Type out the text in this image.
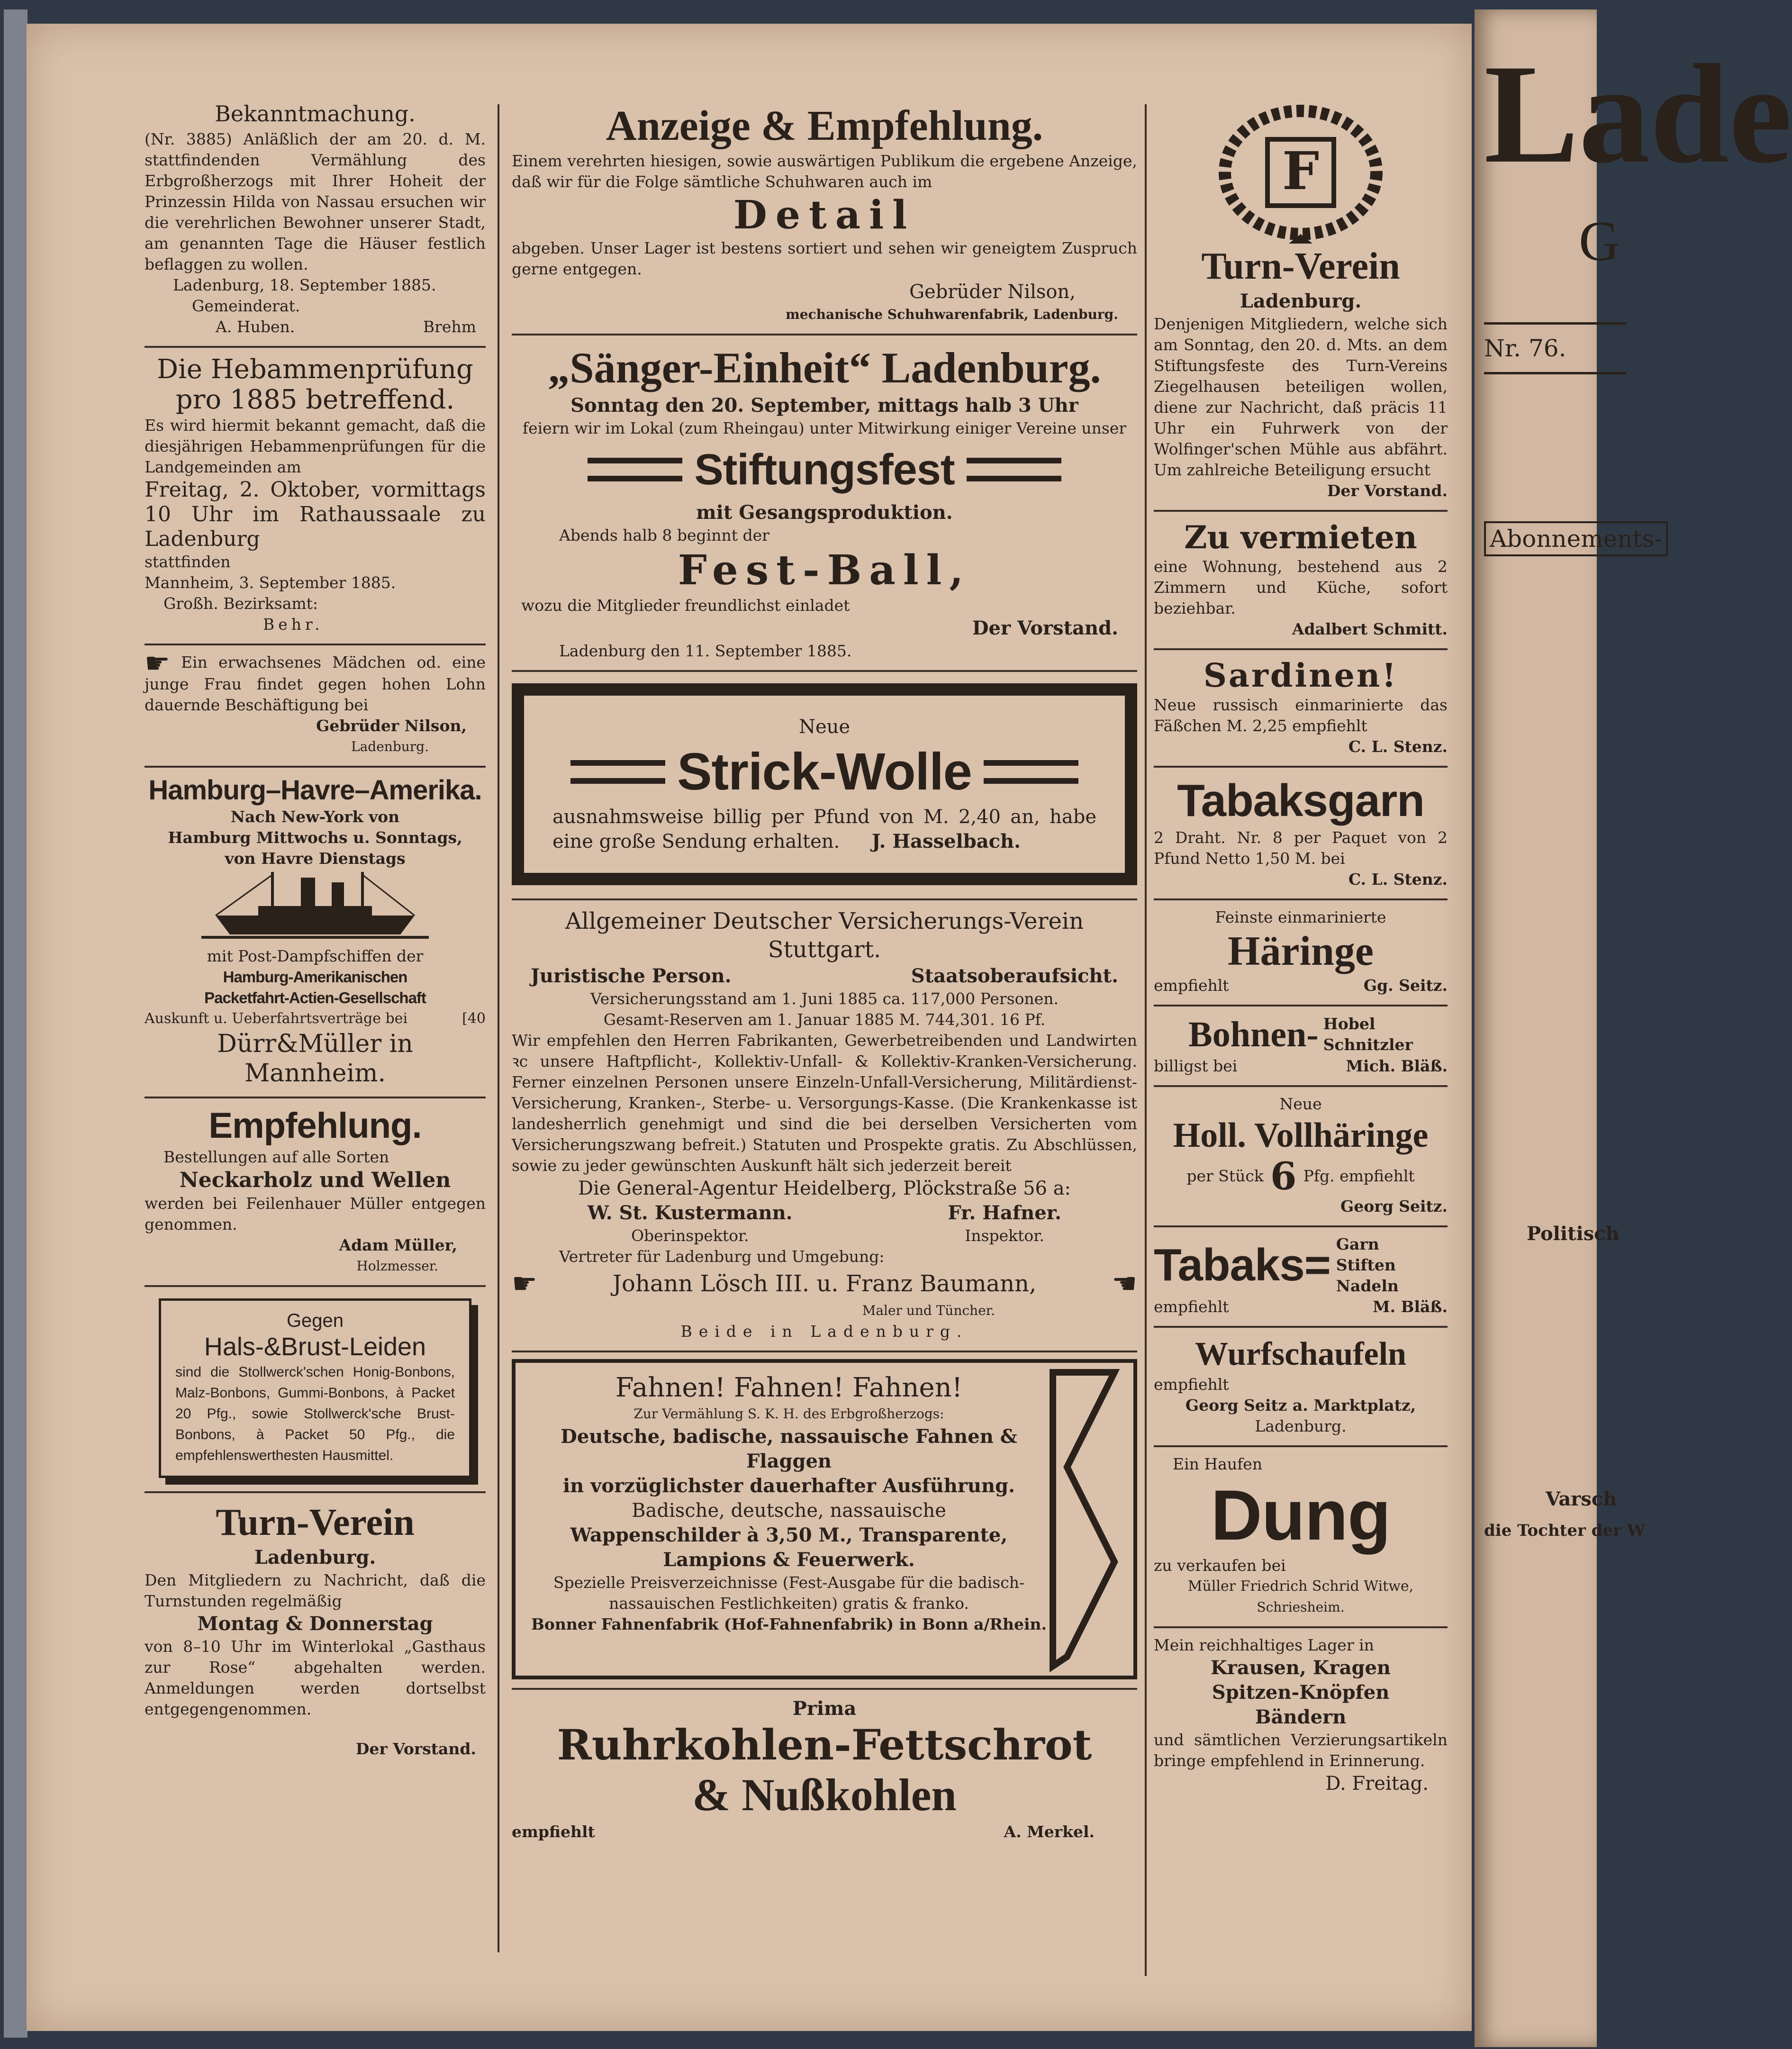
Bekanntmachung.
(Nr. 3885) Anläßlich der am 20. d. M. stattfindenden Vermählung des Erbgroßherzogs mit Ihrer Hoheit der Prinzessin Hilda von Nassau ersuchen wir die verehrlichen Bewohner unserer Stadt, am genannten Tage die Häuser festlich beflaggen zu wollen.
Ladenburg, 18. September 1885.
Gemeinderat.
A. Huben.	Brehm
Die Hebammenprüfung
pro 1885 betreffend.
Es wird hiermit bekannt gemacht, daß die diesjährigen Hebammenprüfungen für die Landgemeinden am
Freitag, 2. Oktober, vormittags 10 Uhr im Rathaussaale zu Ladenburg
stattfinden
Mannheim, 3. September 1885.
Großh. Bezirksamt:
Behr.
☛ Ein erwachsenes Mädchen od. eine junge Frau findet gegen hohen Lohn dauernde Beschäftigung bei
Gebrüder Nilson,
Ladenburg.
Hamburg–Havre–Amerika.
Nach New-York von
Hamburg Mittwochs u. Sonntags,
von Havre Dienstags
mit Post-Dampfschiffen der
Hamburg-Amerikanischen
Packetfahrt-Actien-Gesellschaft
Auskunft u. Ueberfahrtsverträge bei	[40
Dürr&Müller in Mannheim.
Empfehlung.
Bestellungen auf alle Sorten
Neckarholz und Wellen
werden bei Feilenhauer Müller entgegen genommen.
Adam Müller,
Holzmesser.
Gegen
Hals-&Brust-Leiden
sind die Stollwerck'schen Honig-Bonbons, Malz-Bonbons, Gummi-Bonbons, à Packet 20 Pfg., sowie Stollwerck'sche Brust-Bonbons, à Packet 50 Pfg., die empfehlenswerthesten Hausmittel.
Turn-Verein
Ladenburg.
Den Mitgliedern zu Nachricht, daß die Turnstunden regelmäßig
Montag & Donnerstag
von 8–10 Uhr im Winterlokal „Gasthaus zur Rose“ abgehalten werden. Anmeldungen werden dortselbst entgegengenommen.
Der Vorstand.
Anzeige & Empfehlung.
Einem verehrten hiesigen, sowie auswärtigen Publikum die ergebene Anzeige, daß wir für die Folge sämtliche Schuhwaren auch im
Detail
abgeben. Unser Lager ist bestens sortiert und sehen wir geneigtem Zuspruch gerne entgegen.
Gebrüder Nilson,
mechanische Schuhwarenfabrik, Ladenburg.
„Sänger-Einheit“ Ladenburg.
Sonntag den 20. September, mittags halb 3 Uhr
feiern wir im Lokal (zum Rheingau) unter Mitwirkung einiger Vereine unser
Stiftungsfest
mit Gesangsproduktion.
Abends halb 8 beginnt der
Fest-Ball,
wozu die Mitglieder freundlichst einladet
Der Vorstand.
Ladenburg den 11. September 1885.
Neue
Strick-Wolle
ausnahmsweise billig per Pfund von M. 2,40 an, habe eine große Sendung erhalten.	J. Hasselbach.
Allgemeiner Deutscher Versicherungs-Verein Stuttgart.
Juristische Person.	Staatsoberaufsicht.
Versicherungsstand am 1. Juni 1885 ca. 117,000 Personen.
Gesamt-Reserven am 1. Januar 1885 M. 744,301. 16 Pf.
Wir empfehlen den Herren Fabrikanten, Gewerbetreibenden und Landwirten ꝛc unsere Haftpflicht-, Kollektiv-Unfall- & Kollektiv-Kranken-Versicherung. Ferner einzelnen Personen unsere Einzeln-Unfall-Versicherung, Militärdienst-Versicherung, Kranken-, Sterbe- u. Versorgungs-Kasse. (Die Krankenkasse ist landesherrlich genehmigt und sind die bei derselben Versicherten vom Versicherungszwang befreit.) Statuten und Prospekte gratis. Zu Abschlüssen, sowie zu jeder gewünschten Auskunft hält sich jederzeit bereit
Die General-Agentur Heidelberg, Plöckstraße 56 a:
W. St. Kustermann.
Oberinspektor.
Fr. Hafner.
Inspektor.
Vertreter für Ladenburg und Umgebung:
☛	Johann Lösch III. u. Franz Baumann,	☚
Maler und Tüncher.
Beide in Ladenburg.
Fahnen! Fahnen! Fahnen!
Zur Vermählung S. K. H. des Erbgroßherzogs:
Deutsche, badische, nassauische Fahnen & Flaggen
in vorzüglichster dauerhafter Ausführung.
Badische, deutsche, nassauische
Wappenschilder à 3,50 M., Transparente,
Lampions & Feuerwerk.
Spezielle Preisverzeichnisse (Fest-Ausgabe für die badisch-nassauischen Festlichkeiten) gratis & franko.
Bonner Fahnenfabrik (Hof-Fahnenfabrik) in Bonn a/Rhein.
Prima
Ruhrkohlen-Fettschrot
& Nußkohlen
empfiehlt	A. Merkel.
F
Turn-Verein
Ladenburg.
Denjenigen Mitgliedern, welche sich am Sonntag, den 20. d. Mts. an dem Stiftungsfeste des Turn-Vereins Ziegelhausen beteiligen wollen, diene zur Nachricht, daß präcis 11 Uhr ein Fuhrwerk von der Wolfinger'schen Mühle aus abfährt. Um zahlreiche Beteiligung ersucht
Der Vorstand.
Zu vermieten
eine Wohnung, bestehend aus 2 Zimmern und Küche, sofort beziehbar.
Adalbert Schmitt.
Sardinen!
Neue russisch einmarinierte das Fäßchen M. 2,25 empfiehlt
C. L. Stenz.
Tabaksgarn
2 Draht. Nr. 8 per Paquet von 2 Pfund Netto 1,50 M. bei
C. L. Stenz.
Feinste einmarinierte
Häringe
empfiehlt	Gg. Seitz.
Bohnen- Hobel
Schnitzler
billigst bei	Mich. Bläß.
Neue
Holl. Vollhäringe
per Stück 6 Pfg. empfiehlt
Georg Seitz.
Tabaks= Garn
Stiften
Nadeln
empfiehlt	M. Bläß.
Wurfschaufeln
empfiehlt
Georg Seitz a. Marktplatz,
Ladenburg.
Ein Haufen
Dung
zu verkaufen bei
Müller Friedrich Schrid Witwe,
Schriesheim.
Mein reichhaltiges Lager in
Krausen, Kragen Spitzen-Knöpfen Bändern
und sämtlichen Verzierungsartikeln bringe empfehlend in Erinnerung.
D. Freitag.
Lade
G
Nr. 76.
Abonnements-
Politisch
Varsch
die Tochter der W
